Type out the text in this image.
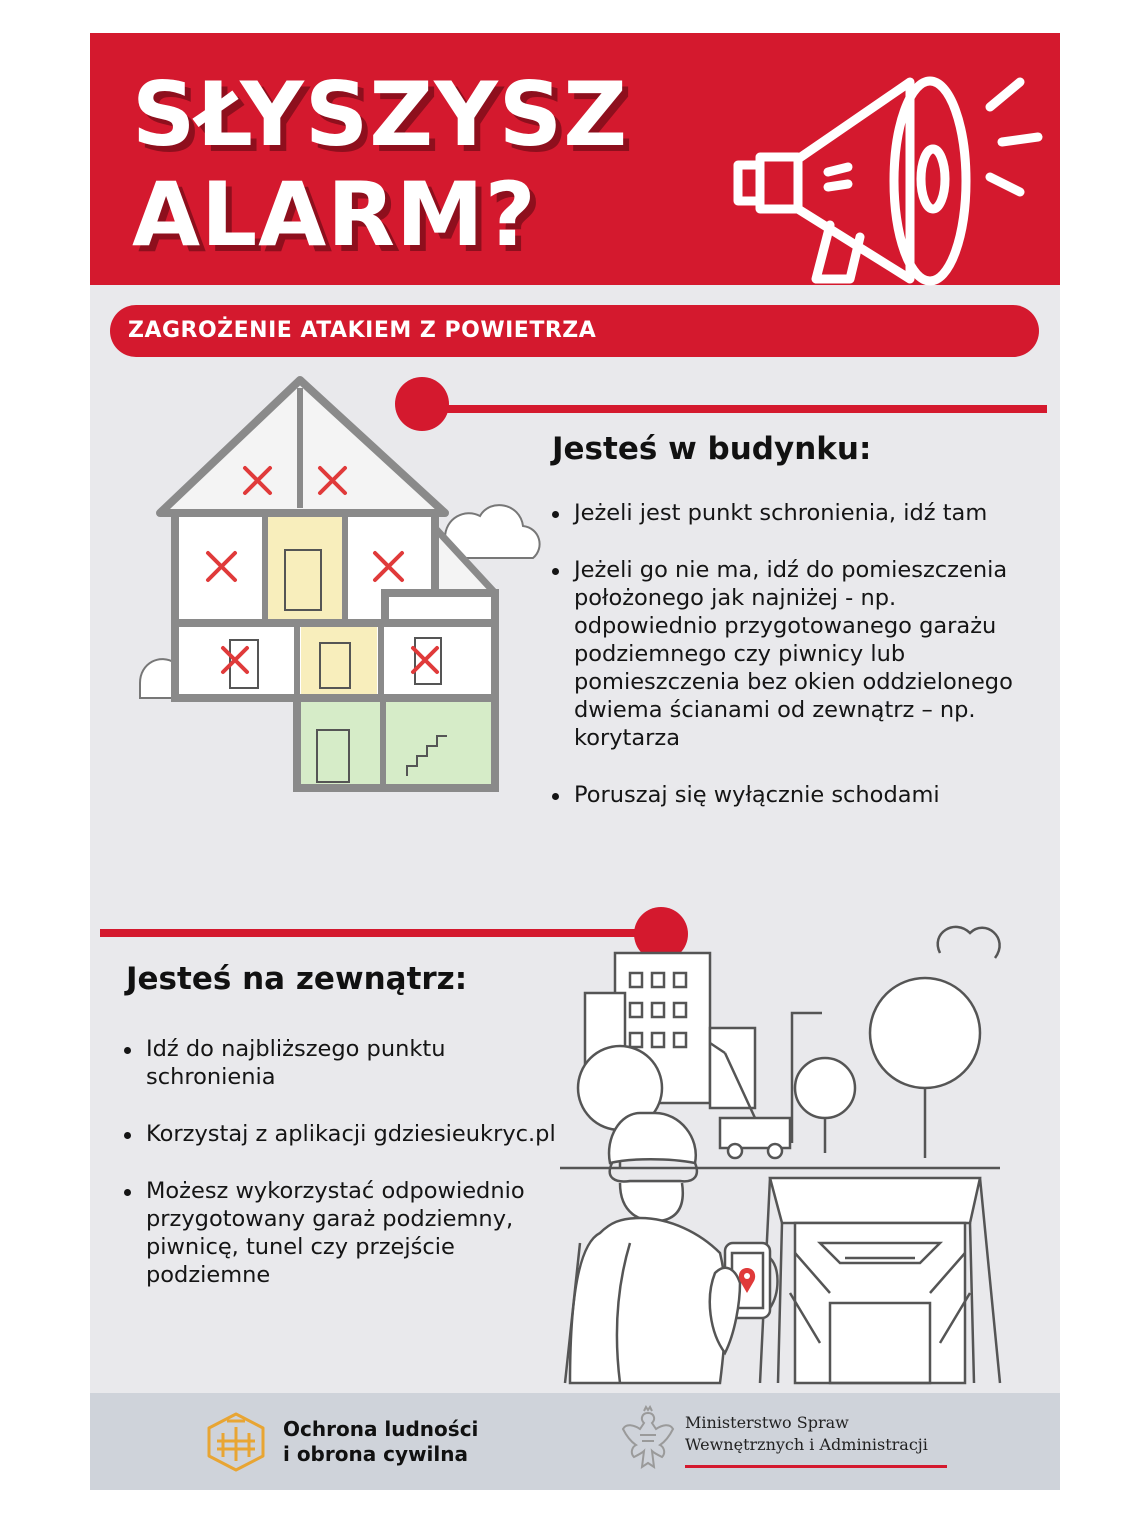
SŁYSZYSZ
ALARM?
ZAGROŻENIE ATAKIEM Z POWIETRZA
Jesteś w budynku:
Jeżeli jest punkt schronienia, idź tam
Jeżeli go nie ma, idź do pomieszczenia położonego jak najniżej - np. odpowiednio przygotowanego garażu podziemnego czy piwnicy lub pomieszczenia bez okien oddzielonego dwiema ścianami od zewnątrz – np. korytarza
Poruszaj się wyłącznie schodami
Jesteś na zewnątrz:
Idź do najbliższego punktu schronienia
Korzystaj z aplikacji gdziesieukryc.pl
Możesz wykorzystać odpowiednio przygotowany garaż podziemny, piwnicę, tunel czy przejście podziemne
Ochrona ludności
i obrona cywilna
Ministerstwo Spraw
Wewnętrznych i Administracji
